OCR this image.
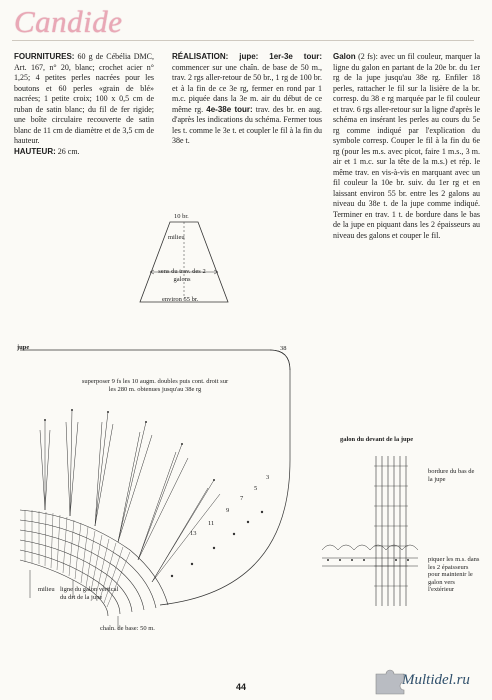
Candide

FOURNITURES: 60 g de Cébélia DMC, Art. 167, n° 20, blanc; crochet acier n° 1,25; 4 petites perles nacrées pour les boutons et 60 perles «grain de blé» nacrées; 1 petite croix; 100 x 0,5 cm de ruban de satin blanc; du fil de fer rigide; une boîte circulaire recouverte de satin blanc de 11 cm de diamètre et de 3,5 cm de hauteur.

HAUTEUR: 26 cm.

RÉALISATION: jupe: 1er-3e tour: commencer sur une chaîn. de base de 50 m., trav. 2 rgs aller-retour de 50 br., 1 rg de 100 br. et à la fin de ce 3e rg, fermer en rond par 1 m.c. piquée dans la 3e m. air du début de ce même rg. 4e-38e tour: trav. des br. en aug. d'après les indications du schéma. Fermer tous les t. comme le 3e t. et coupler le fil à la fin du 38e t.

Galon (2 fs): avec un fil couleur, marquer la ligne du galon en partant de la 20e br. du 1er rg de la jupe jusqu'au 38e rg. Enfiler 18 perles, rattacher le fil sur la lisière de la br. corresp. du 38 e rg marquée par le fil couleur et trav. 6 rgs aller-retour sur la ligne d'après le schéma en insérant les perles au cours du 5e rg comme indiqué par l'explication du symbole corresp. Couper le fil à la fin du 6e rg (pour les m.s. avec picot, faire 1 m.s., 3 m. air et 1 m.c. sur la tête de la m.s.) et rép. le même trav. en vis-à-vis en marquant avec un fil couleur la 10e br. suiv. du 1er rg et en laissant environ 55 br. entre les 2 galons au niveau du 38e t. de la jupe comme indiqué. Terminer en trav. 1 t. de bordure dans le bas de la jupe en piquant dans les 2 épaisseurs au niveau des galons et couper le fil.

10 br.
milieu
sens du trav. des 2 galons
environ 55 br.
jupe	38
superposer 9 fs les 10 augm. doubles puis cont. droit sur les 280 m. obtenues jusqu'au 38e rg
13
11
9
7
5
3
milieu ligne du galon vertical du drt de la jupe
chaîn. de base: 50 m.
galon du devant de la jupe
bordure du bas de la jupe
piquer les m.s. dans les 2 épaisseurs pour maintenir le galon vers l'extérieur
44	Multidel.ru
